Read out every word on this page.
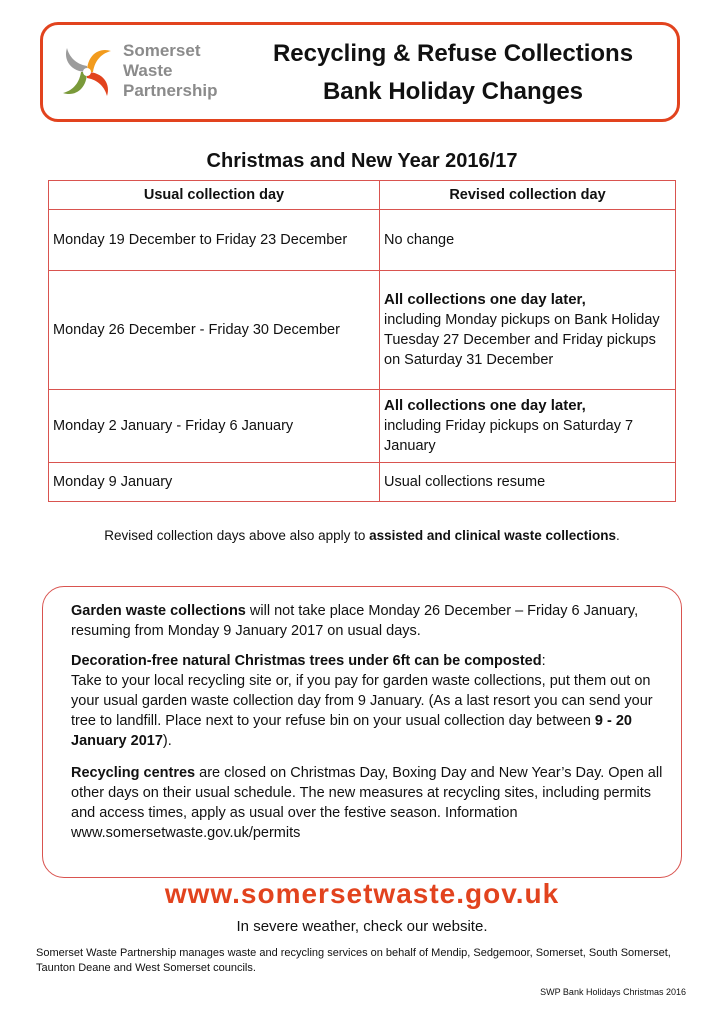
Somerset
Waste
Partnership
Recycling & Refuse Collections
Bank Holiday Changes
Christmas and New Year 2016/17
Usual collection day	Revised collection day
Monday 19 December to Friday 23 December	No change
Monday 26 December - Friday 30 December	All collections one day later,
including Monday pickups on Bank Holiday Tuesday 27 December and Friday pickups on Saturday 31 December

Monday 2 January - Friday 6 January	All collections one day later,
including Friday pickups on Saturday 7 January

Monday 9 January	Usual collections resume
Revised collection days above also apply to assisted and clinical waste collections.

Garden waste collections will not take place Monday 26 December – Friday 6 January, resuming from Monday 9 January 2017 on usual days.

Decoration-free natural Christmas trees under 6ft can be composted:
Take to your local recycling site or, if you pay for garden waste collections, put them out on your usual garden waste collection day from 9 January. (As a last resort you can send your tree to landfill. Place next to your refuse bin on your usual collection day between 9 - 20 January 2017).

Recycling centres are closed on Christmas Day, Boxing Day and New Year’s Day. Open all other days on their usual schedule. The new measures at recycling sites, including permits and access times, apply as usual over the festive season. Information www.somersetwaste.gov.uk/permits

www.somersetwaste.gov.uk
In severe weather, check our website.
Somerset Waste Partnership manages waste and recycling services on behalf of Mendip, Sedgemoor, Somerset, South Somerset, Taunton Deane and West Somerset councils.
SWP Bank Holidays Christmas 2016
